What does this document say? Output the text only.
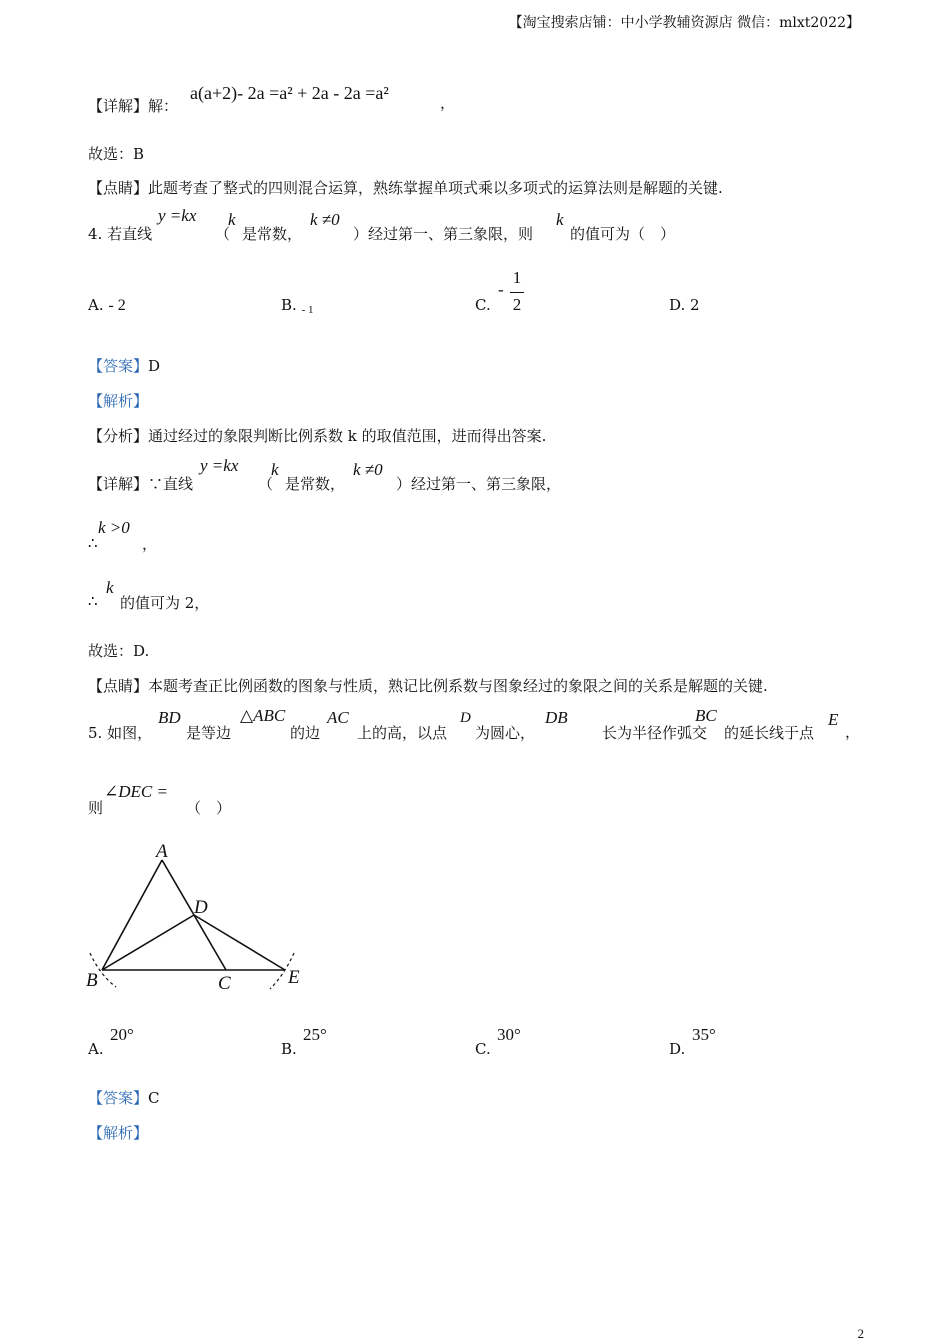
【淘宝搜索店铺：中小学教辅资源店 微信：mlxt2022】
【详解】解：
a(a+2)- 2a =a² + 2a - 2a =a²	，
故选：B
【点睛】此题考查了整式的四则混合运算，熟练掌握单项式乘以多项式的运算法则是解题的关键.
4. 若直线
y =kx
（
k
是常数，
k ≠0
）经过第一、第三象限，则
k
的值可为（　）
A. - 2	B. $_{- 1}$	C.
-
1
2	D. 2
【答案】D
【解析】
【分析】通过经过的象限判断比例系数 k 的取值范围，进而得出答案.
【详解】∵直线
y =kx
（
k
是常数，
k ≠0
）经过第一、第三象限，
∴
k >0
，
∴
k
的值可为 2，
故选：D.
【点睛】本题考查正比例函数的图象与性质，熟记比例系数与图象经过的象限之间的关系是解题的关键.
5. 如图，
BD
是等边
△ABC
的边
AC
上的高，以点
D
为圆心，
DB
长为半径作弧交
BC
的延长线于点
E
，
则
∠DEC =
（　）
A
D
B	C	E
A.
20°
B.
25°
C.
30°
D.
35°
【答案】C
【解析】
2
